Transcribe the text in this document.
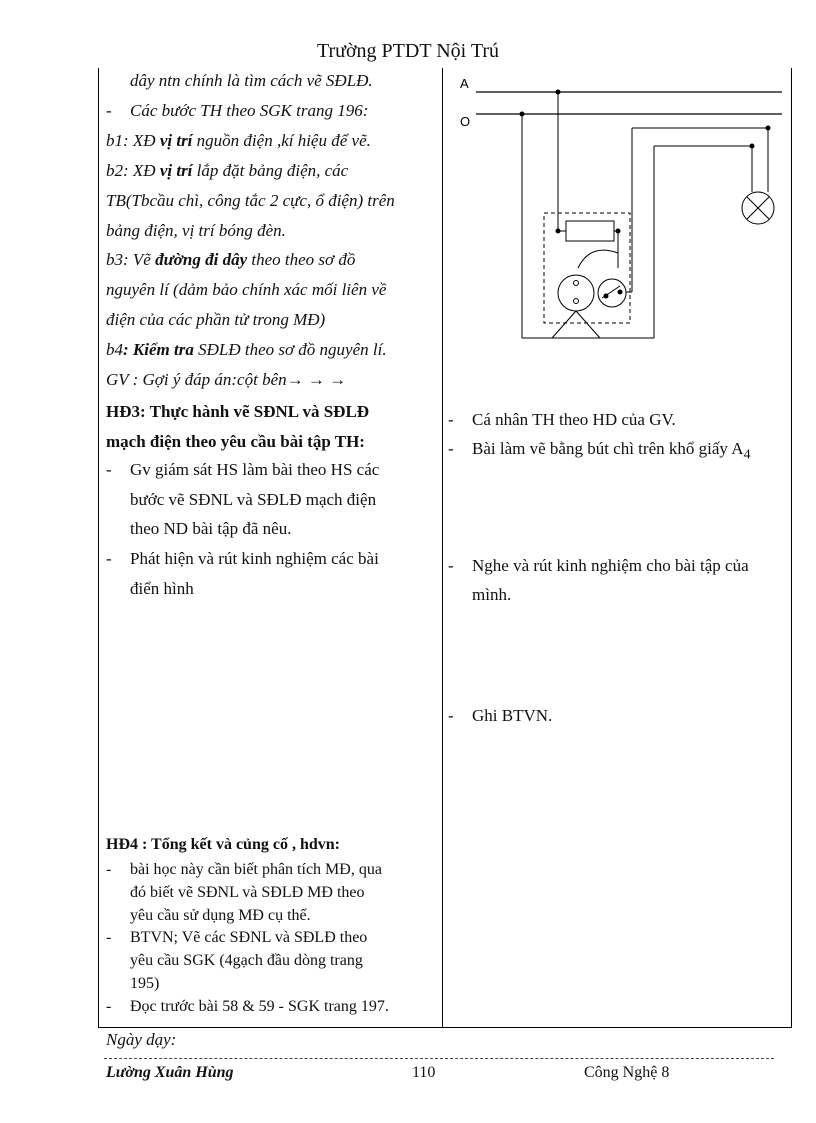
Trường PTDT Nội Trú
dây ntn chính là tìm cách vẽ SĐLĐ.
-	Các bước TH theo SGK trang 196:
b1: XĐ vị trí nguồn điện ,kí hiệu để vẽ.
b2: XĐ vị trí lắp đặt bảng điện, các
TB(Tbcầu chì, công tắc 2 cực, ổ điện) trên
bảng điện, vị trí bóng đèn.
b3: Vẽ đường đi dây theo theo sơ đồ
nguyên lí (dảm bảo chính xác mối liên về
điện của các phần tử trong MĐ)
b4: Kiểm tra SĐLĐ theo sơ đồ nguyên lí.
GV : Gợi ý đáp án:cột bên→ → →
HĐ3: Thực hành vẽ SĐNL và SĐLĐ
mạch điện theo yêu cầu bài tập TH:
-	Gv giám sát HS làm bài theo HS các
bước vẽ SĐNL và SĐLĐ mạch điện
theo ND bài tập đã nêu.
-	Phát hiện và rút kinh nghiệm các bài
điển hình
HĐ4 : Tổng kết và củng cố , hdvn:
-	bài học này cần biết phân tích MĐ, qua
đó biết vẽ SĐNL và SĐLĐ MĐ theo
yêu cầu sử dụng MĐ cụ thể.
-	BTVN; Vẽ các SĐNL và SĐLĐ theo
yêu cầu SGK (4gạch đầu dòng trang
195)
-	Đọc trước bài 58 & 59 - SGK trang 197.
A
O
-	Cá nhân TH theo HD của GV.
-	Bài làm vẽ bằng bút chì trên khổ giấy $A_4$
-	Nghe và rút kinh nghiệm cho bài tập của
mình.
-	Ghi BTVN.
Ngày dạy:
Lường Xuân Hùng	110	Công Nghệ 8
